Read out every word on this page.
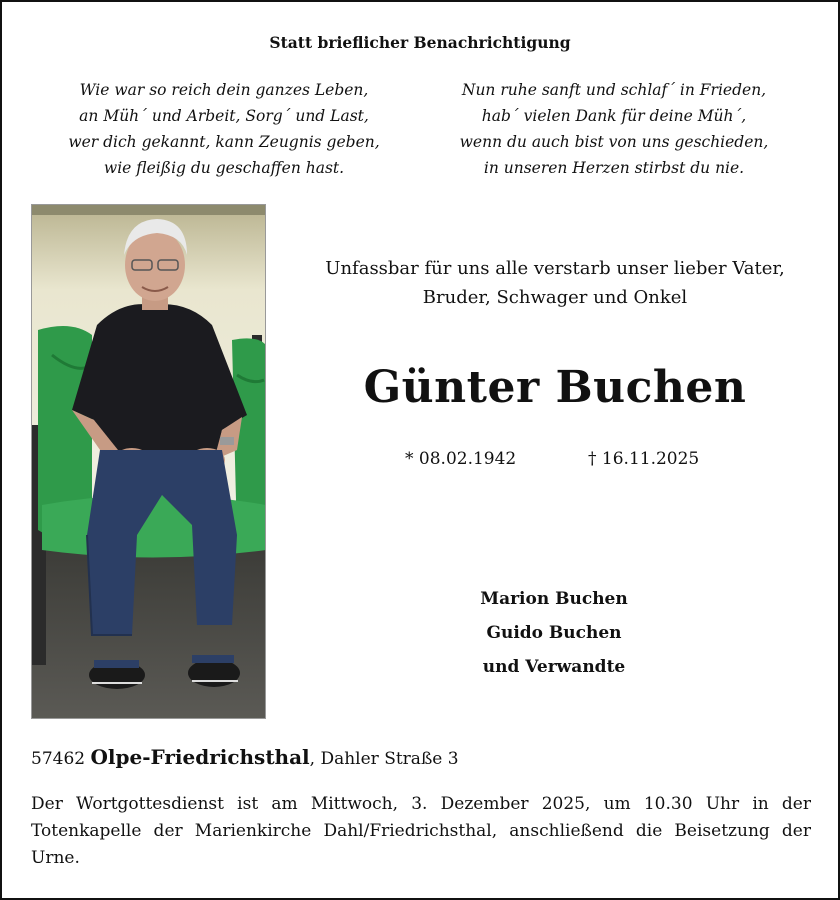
Statt brieflicher Benachrichtigung
Wie war so reich dein ganzes Leben,
an Müh´ und Arbeit, Sorg´ und Last,
wer dich gekannt, kann Zeugnis geben,
wie fleißig du geschaffen hast.
Nun ruhe sanft und schlaf´ in Frieden,
hab´ vielen Dank für deine Müh´,
wenn du auch bist von uns geschieden,
in unseren Herzen stirbst du nie.
Unfassbar für uns alle verstarb unser lieber Vater,
Bruder, Schwager und Onkel
Günter Buchen
* 08.02.1942	† 16.11.2025
Marion Buchen
Guido Buchen
und Verwandte
57462 Olpe-Friedrichsthal, Dahler Straße 3
Der Wortgottesdienst ist am Mittwoch, 3. Dezember 2025, um 10.30 Uhr in der Totenkapelle der Marienkirche Dahl/Friedrichsthal, anschließend die Beisetzung der Urne.
